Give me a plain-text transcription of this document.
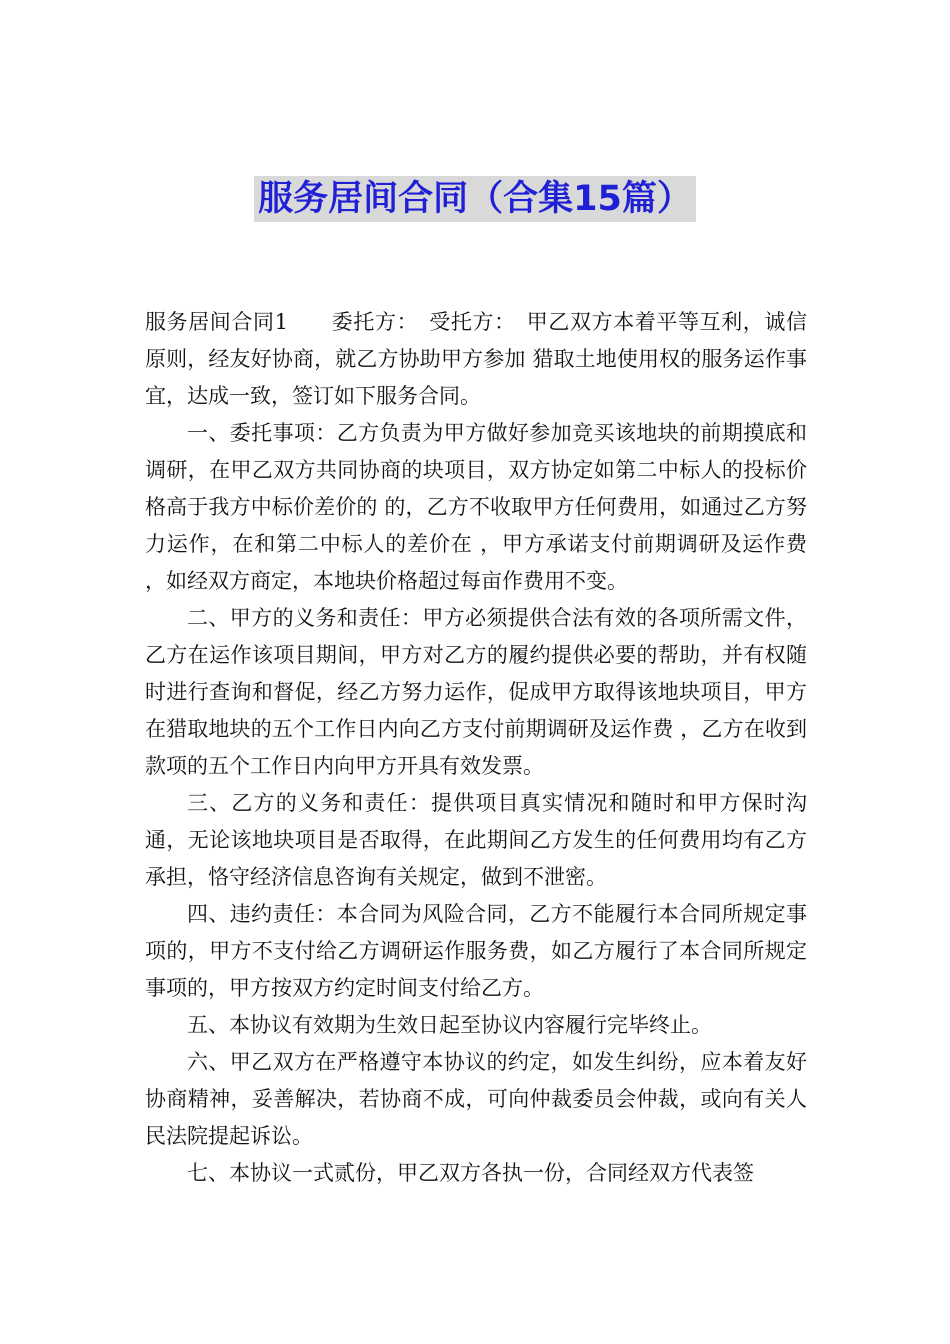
服务居间合同（合集15篇）

服务居间合同1　　委托方：　受托方：　甲乙双方本着平等互利，诚信原则，经友好协商，就乙方协助甲方参加 猎取土地使用权的服务运作事宜，达成一致，签订如下服务合同。

一、委托事项：乙方负责为甲方做好参加竞买该地块的前期摸底和调研，在甲乙双方共同协商的块项目，双方协定如第二中标人的投标价格高于我方中标价差价的 的，乙方不收取甲方任何费用，如通过乙方努力运作，在和第二中标人的差价在 ，甲方承诺支付前期调研及运作费 ，如经双方商定，本地块价格超过每亩作费用不变。

二、甲方的义务和责任：甲方必须提供合法有效的各项所需文件，乙方在运作该项目期间，甲方对乙方的履约提供必要的帮助，并有权随时进行查询和督促，经乙方努力运作，促成甲方取得该地块项目，甲方在猎取地块的五个工作日内向乙方支付前期调研及运作费 ，乙方在收到款项的五个工作日内向甲方开具有效发票。

三、乙方的义务和责任：提供项目真实情况和随时和甲方保时沟通，无论该地块项目是否取得，在此期间乙方发生的任何费用均有乙方承担，恪守经济信息咨询有关规定，做到不泄密。

四、违约责任：本合同为风险合同，乙方不能履行本合同所规定事项的，甲方不支付给乙方调研运作服务费，如乙方履行了本合同所规定事项的，甲方按双方约定时间支付给乙方。

五、本协议有效期为生效日起至协议内容履行完毕终止。

六、甲乙双方在严格遵守本协议的约定，如发生纠纷，应本着友好协商精神，妥善解决，若协商不成，可向仲裁委员会仲裁，或向有关人民法院提起诉讼。

七、本协议一式贰份，甲乙双方各执一份，合同经双方代表签
